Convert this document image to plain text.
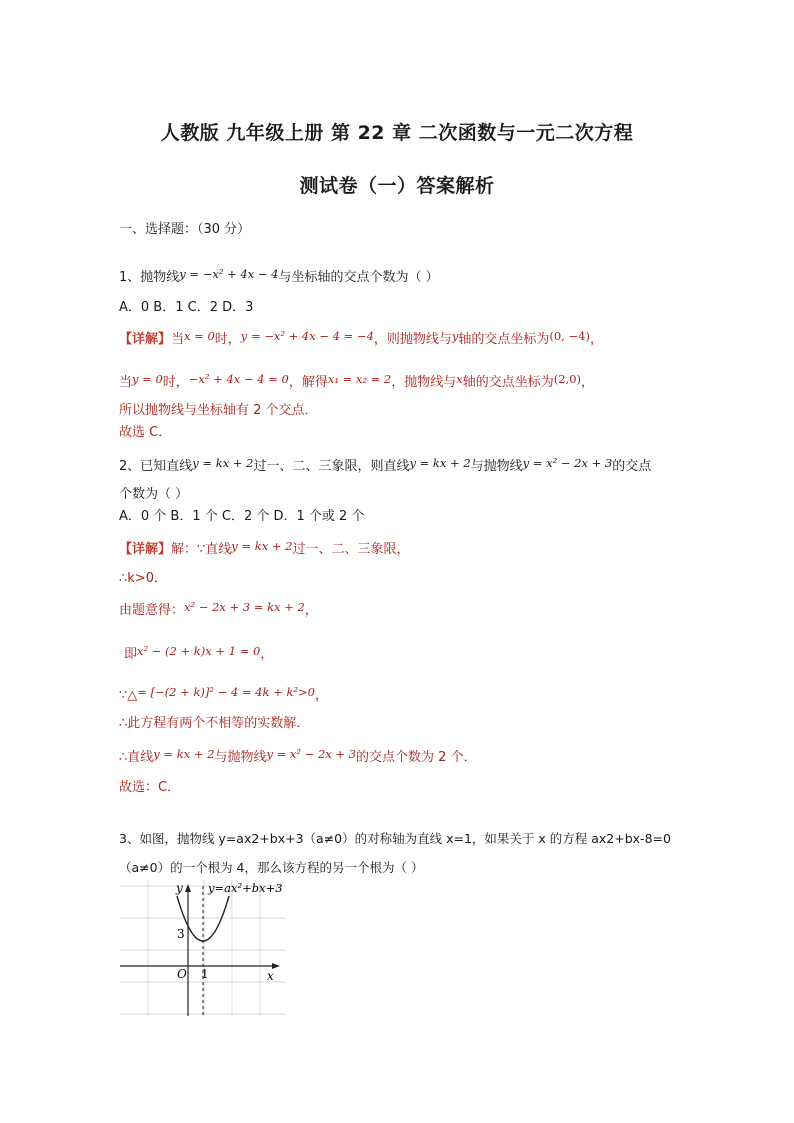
人教版 九年级上册 第 22 章 二次函数与一元二次方程
测试卷（一）答案解析
一、选择题：（30 分）
1、抛物线y = −x² + 4x − 4与坐标轴的交点个数为（ ）
A．0 B．1 C．2 D．3
【详解】当x = 0时，y = −x² + 4x − 4 = −4，则抛物线与y轴的交点坐标为(0, −4)，
当y = 0时，−x² + 4x − 4 = 0，解得x₁ = x₂ = 2，抛物线与x轴的交点坐标为(2,0)，
所以抛物线与坐标轴有 2 个交点．
故选 C．
2、已知直线y = kx + 2过一、二、三象限，则直线y = kx + 2与抛物线y = x² − 2x + 3的交点
个数为（ ）
A．0 个 B．1 个 C．2 个 D．1 个或 2 个
【详解】解：∵直线y = kx + 2过一、二、三象限，
∴k>0．
由题意得：x² − 2x + 3 = kx + 2，
即x² − (2 + k)x + 1 = 0，
∵△= [−(2 + k)]² − 4 = 4k + k²>0，
∴此方程有两个不相等的实数解．
∴直线y = kx + 2与抛物线y = x² − 2x + 3的交点个数为 2 个．
故选：C．
3、如图，抛物线 y=ax2+bx+3（a≠0）的对称轴为直线 x=1，如果关于 x 的方程 ax2+bx-8=0
（a≠0）的一个根为 4，那么该方程的另一个根为（ ）
y y=ax²+bx+3
3
O 1	x
